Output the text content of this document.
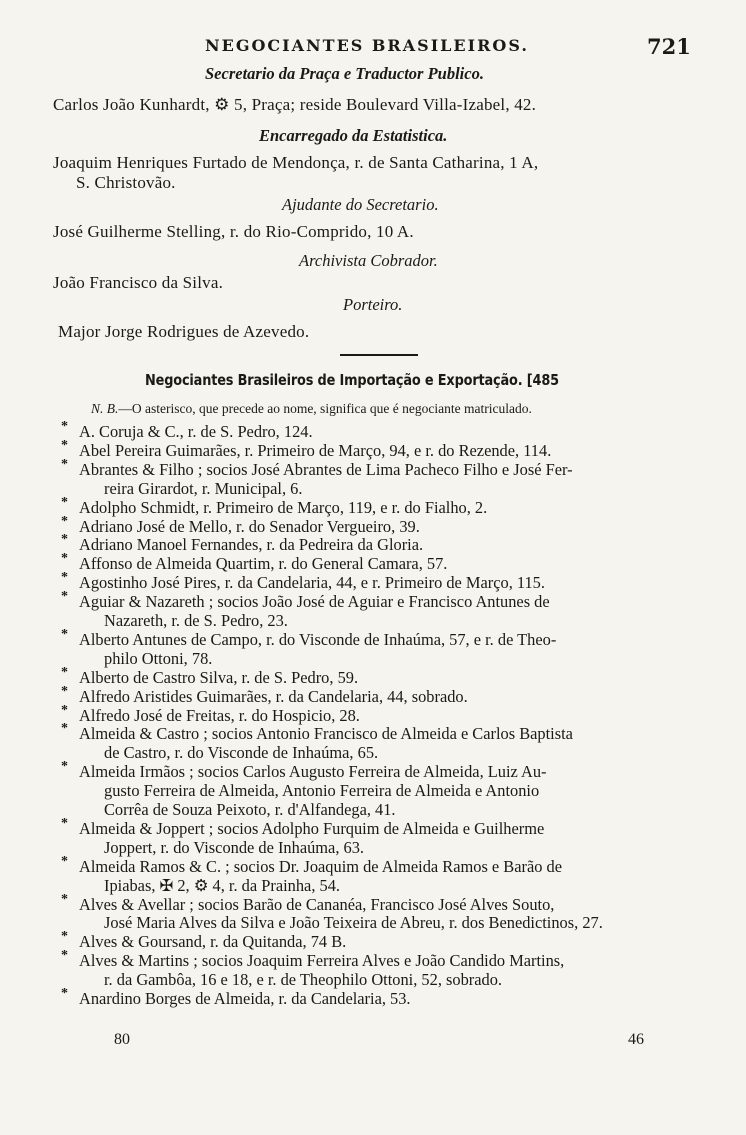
NEGOCIANTES BRASILEIROS.	721
Secretario da Praça e Traductor Publico.
Carlos João Kunhardt, ⚙ 5, Praça; reside Boulevard Villa-Izabel, 42.
Encarregado da Estatistica.
Joaquim Henriques Furtado de Mendonça, r. de Santa Catharina, 1 A,
S. Christovão.
Ajudante do Secretario.
José Guilherme Stelling, r. do Rio-Comprido, 10 A.
Archivista Cobrador.
João Francisco da Silva.
Porteiro.
Major Jorge Rodrigues de Azevedo.
Negociantes Brasileiros de Importação e Exportação. [485
N. B.—O asterisco, que precede ao nome, significa que é negociante matriculado.
* A. Coruja & C., r. de S. Pedro, 124.
* Abel Pereira Guimarães, r. Primeiro de Março, 94, e r. do Rezende, 114.
* Abrantes & Filho ; socios José Abrantes de Lima Pacheco Filho e José Fer-
reira Girardot, r. Municipal, 6.
* Adolpho Schmidt, r. Primeiro de Março, 119, e r. do Fialho, 2.
* Adriano José de Mello, r. do Senador Vergueiro, 39.
* Adriano Manoel Fernandes, r. da Pedreira da Gloria.
* Affonso de Almeida Quartim, r. do General Camara, 57.
* Agostinho José Pires, r. da Candelaria, 44, e r. Primeiro de Março, 115.
* Aguiar & Nazareth ; socios João José de Aguiar e Francisco Antunes de
Nazareth, r. de S. Pedro, 23.
* Alberto Antunes de Campo, r. do Visconde de Inhaúma, 57, e r. de Theo-
philo Ottoni, 78.
* Alberto de Castro Silva, r. de S. Pedro, 59.
* Alfredo Aristides Guimarães, r. da Candelaria, 44, sobrado.
* Alfredo José de Freitas, r. do Hospicio, 28.
* Almeida & Castro ; socios Antonio Francisco de Almeida e Carlos Baptista
de Castro, r. do Visconde de Inhaúma, 65.
* Almeida Irmãos ; socios Carlos Augusto Ferreira de Almeida, Luiz Au-
gusto Ferreira de Almeida, Antonio Ferreira de Almeida e Antonio
Corrêa de Souza Peixoto, r. d'Alfandega, 41.
* Almeida & Joppert ; socios Adolpho Furquim de Almeida e Guilherme
Joppert, r. do Visconde de Inhaúma, 63.
* Almeida Ramos & C. ; socios Dr. Joaquim de Almeida Ramos e Barão de
Ipiabas, ✠ 2, ⚙ 4, r. da Prainha, 54.
* Alves & Avellar ; socios Barão de Cananéa, Francisco José Alves Souto,
José Maria Alves da Silva e João Teixeira de Abreu, r. dos Benedictinos, 27.
* Alves & Goursand, r. da Quitanda, 74 B.
* Alves & Martins ; socios Joaquim Ferreira Alves e João Candido Martins,
r. da Gambôa, 16 e 18, e r. de Theophilo Ottoni, 52, sobrado.
* Anardino Borges de Almeida, r. da Candelaria, 53.
80	46
